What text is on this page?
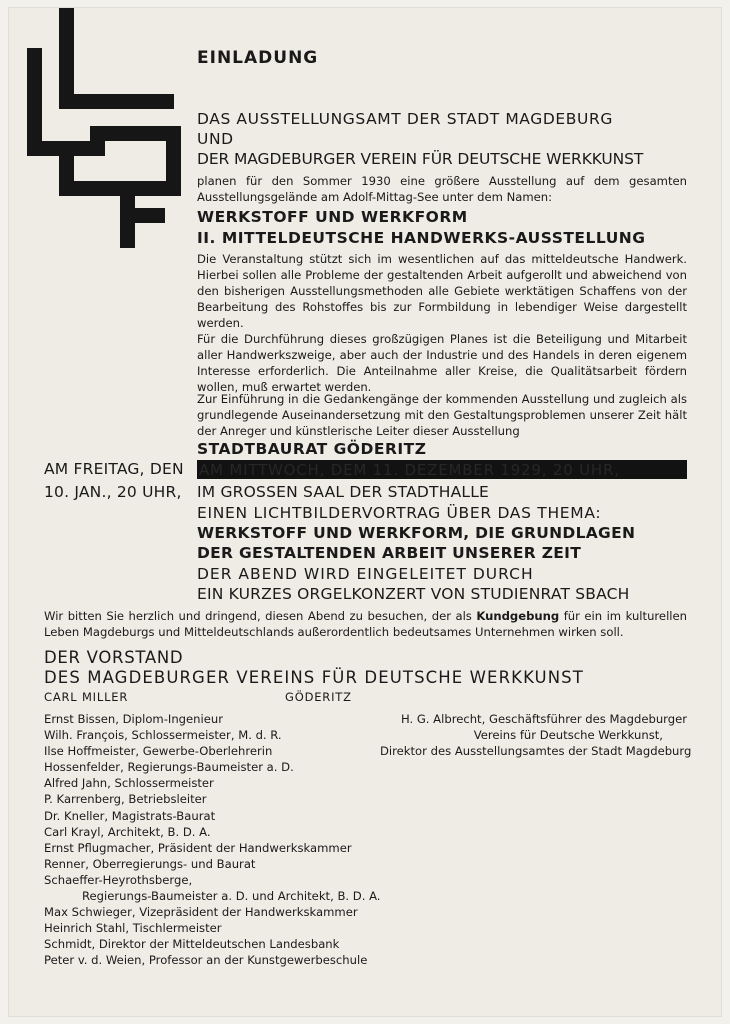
EINLADUNG

DAS AUSSTELLUNGSAMT DER STADT MAGDEBURG

UND

DER MAGDEBURGER VEREIN FÜR DEUTSCHE WERKKUNST

planen für den Sommer 1930 eine größere Ausstellung auf dem gesamten Ausstellungsgelände am Adolf-Mittag-See unter dem Namen:

WERKSTOFF UND WERKFORM

II. MITTELDEUTSCHE HANDWERKS-AUSSTELLUNG

Die Veranstaltung stützt sich im wesentlichen auf das mitteldeutsche Handwerk. Hierbei sollen alle Probleme der gestaltenden Arbeit aufgerollt und abweichend von den bisherigen Ausstellungsmethoden alle Gebiete werktätigen Schaffens von der Bearbeitung des Rohstoffes bis zur Formbildung in lebendiger Weise dargestellt werden.

Für die Durchführung dieses großzügigen Planes ist die Beteiligung und Mitarbeit aller Handwerkszweige, aber auch der Industrie und des Handels in deren eigenem Interesse erforderlich. Die Anteilnahme aller Kreise, die Qualitätsarbeit fördern wollen, muß erwartet werden.

Zur Einführung in die Gedankengänge der kommenden Ausstellung und zugleich als grundlegende Auseinandersetzung mit den Gestaltungsproblemen unserer Zeit hält der Anreger und künstlerische Leiter dieser Ausstellung

STADTBAURAT GÖDERITZ

AM FREITAG, DEN AM MITTWOCH, DEM 11. DEZEMBER 1929, 20 UHR,

10. JAN., 20 UHR, IM GROSSEN SAAL DER STADTHALLE

EINEN LICHTBILDERVORTRAG ÜBER DAS THEMA:

WERKSTOFF UND WERKFORM, DIE GRUNDLAGEN

DER GESTALTENDEN ARBEIT UNSERER ZEIT

DER ABEND WIRD EINGELEITET DURCH

EIN KURZES ORGELKONZERT VON STUDIENRAT SBACH

Wir bitten Sie herzlich und dringend, diesen Abend zu besuchen, der als Kundgebung für ein im kulturellen Leben Magdeburgs und Mitteldeutschlands außerordentlich bedeutsames Unternehmen wirken soll.

DER VORSTAND

DES MAGDEBURGER VEREINS FÜR DEUTSCHE WERKKUNST

CARL MILLER	GÖDERITZ

Ernst Bissen, Diplom-Ingenieur
Wilh. François, Schlossermeister, M. d. R.
Ilse Hoffmeister, Gewerbe-Oberlehrerin
Hossenfelder, Regierungs-Baumeister a. D.
Alfred Jahn, Schlossermeister
P. Karrenberg, Betriebsleiter
Dr. Kneller, Magistrats-Baurat
Carl Krayl, Architekt, B. D. A.
Ernst Pflugmacher, Präsident der Handwerkskammer
Renner, Oberregierungs- und Baurat
Schaeffer-Heyrothsberge,
Regierungs-Baumeister a. D. und Architekt, B. D. A.
Max Schwieger, Vizepräsident der Handwerkskammer
Heinrich Stahl, Tischlermeister
Schmidt, Direktor der Mitteldeutschen Landesbank
Peter v. d. Weien, Professor an der Kunstgewerbeschule
H. G. Albrecht, Geschäftsführer des Magdeburger
Vereins für Deutsche Werkkunst,
Direktor des Ausstellungsamtes der Stadt Magdeburg
